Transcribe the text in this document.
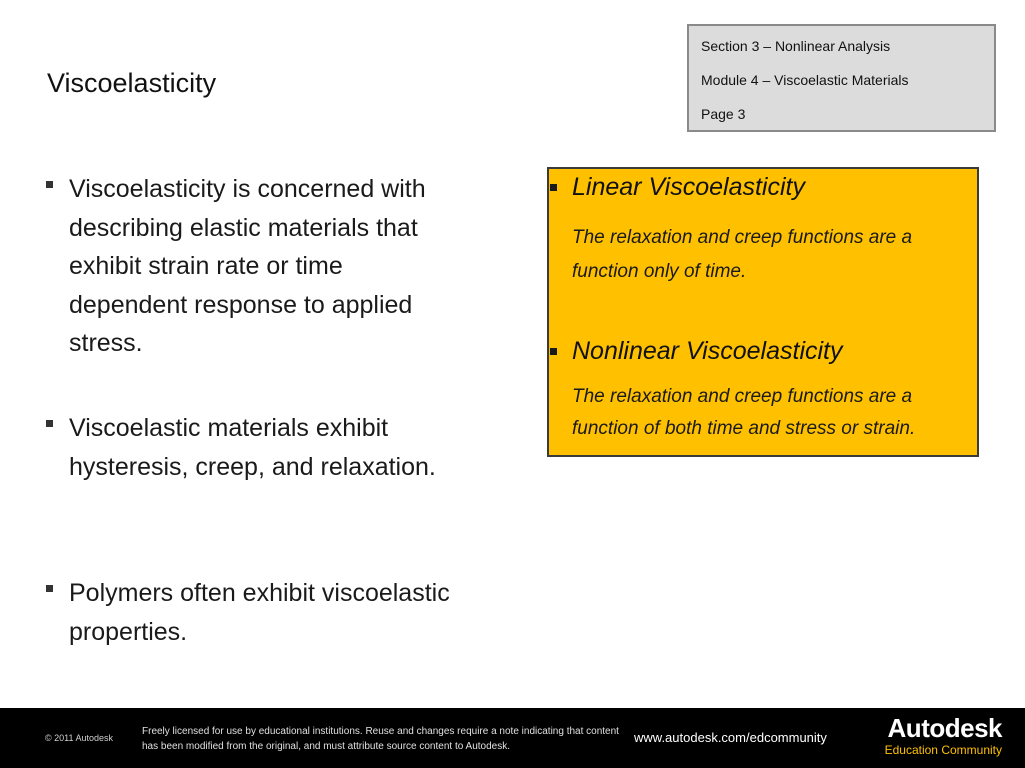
Viscoelasticity
Section 3 – Nonlinear Analysis
Module 4 – Viscoelastic Materials
Page 3
Viscoelasticity is concerned with describing elastic materials that exhibit strain rate or time dependent response to applied stress.
Viscoelastic materials exhibit hysteresis, creep, and relaxation.
Polymers often exhibit viscoelastic properties.
Linear Viscoelasticity
The relaxation and creep functions are a function only of time.
Nonlinear Viscoelasticity
The relaxation and creep functions are a function of both time and stress or strain.
© 2011 Autodesk
Freely licensed for use by educational institutions. Reuse and changes require a note indicating that content has been modified from the original, and must attribute source content to Autodesk.
www.autodesk.com/edcommunity	Autodesk
Education Community
